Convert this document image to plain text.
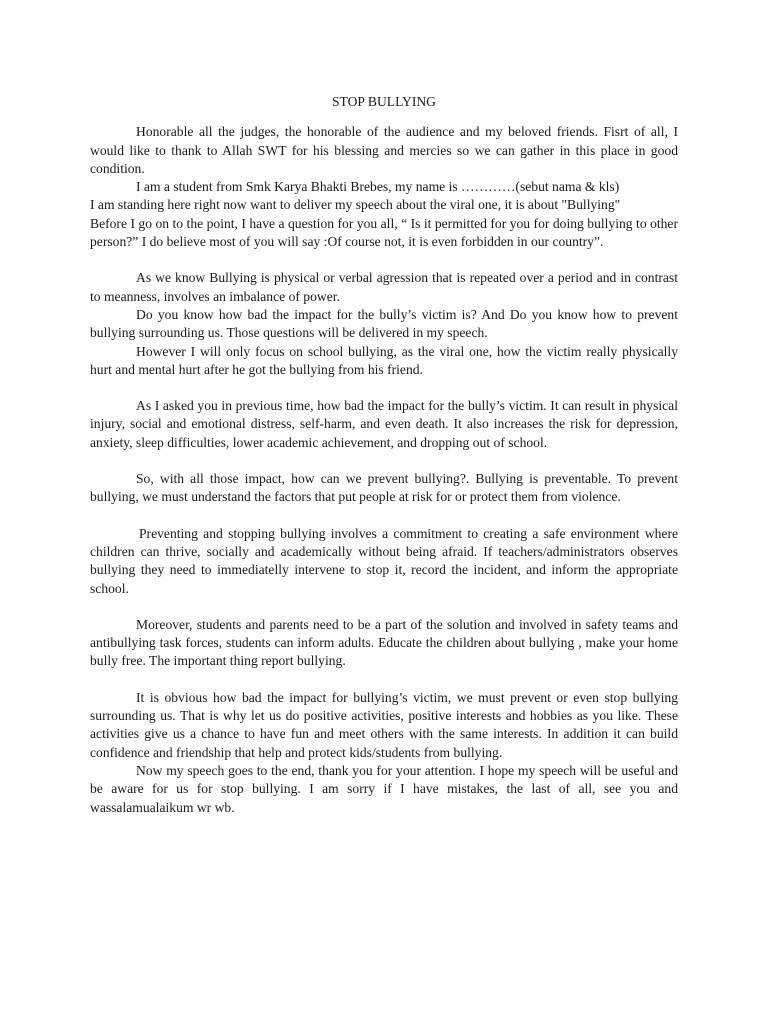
STOP BULLYING

Honorable all the judges, the honorable of the audience and my beloved friends. Fisrt of all, I would like to thank to Allah SWT for his blessing and mercies so we can gather in this place in good condition.

I am a student from Smk Karya Bhakti Brebes, my name is …………(sebut nama & kls)

I am standing here right now want to deliver my speech about the viral one, it is about "Bullying"

Before I go on to the point, I have a question for you all, “ Is it permitted for you for doing bullying to other person?” I do believe most of you will say :Of course not, it is even forbidden in our country”.

As we know Bullying is physical or verbal agression that is repeated over a period and in contrast to meanness, involves an imbalance of power.

Do you know how bad the impact for the bully’s victim is? And Do you know how to prevent bullying surrounding us. Those questions will be delivered in my speech.

However I will only focus on school bullying, as the viral one, how the victim really physically hurt and mental hurt after he got the bullying from his friend.

As I asked you in previous time, how bad the impact for the bully’s victim. It can result in physical injury, social and emotional distress, self-harm, and even death. It also increases the risk for depression, anxiety, sleep difficulties, lower academic achievement, and dropping out of school.

So, with all those impact, how can we prevent bullying?. Bullying is preventable. To prevent bullying, we must understand the factors that put people at risk for or protect them from violence.

Preventing and stopping bullying involves a commitment to creating a safe environment where children can thrive, socially and academically without being afraid. If teachers/administrators observes bullying they need to immediatelly intervene to stop it, record the incident, and inform the appropriate school.

Moreover, students and parents need to be a part of the solution and involved in safety teams and antibullying task forces, students can inform adults. Educate the children about bullying , make your home bully free. The important thing report bullying.

It is obvious how bad the impact for bullying’s victim, we must prevent or even stop bullying surrounding us. That is why let us do positive activities, positive interests and hobbies as you like. These activities give us a chance to have fun and meet others with the same interests. In addition it can build confidence and friendship that help and protect kids/students from bullying.

Now my speech goes to the end, thank you for your attention. I hope my speech will be useful and be aware for us for stop bullying. I am sorry if I have mistakes, the last of all, see you and wassalamualaikum wr wb.
